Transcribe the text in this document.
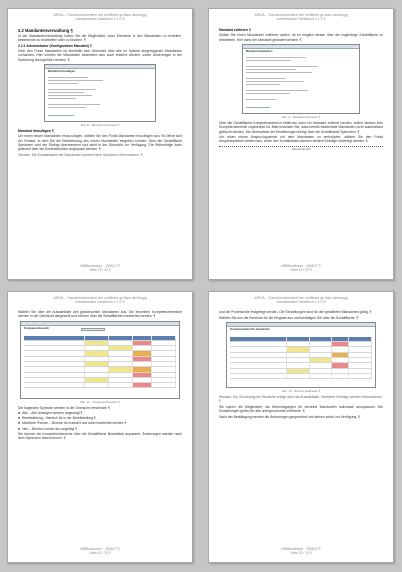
ARIVA – Transformationsfrei der unifilierte ge Bam abhängig
Administrator Handbuch v 1.0 ¶
2.2 Mandantenverwaltung ¶
In der Mandantenverwaltung haben Sie die Möglichkeit, neue Elemente in den Mandanten zu erstellen, bestehende zu bearbeiten oder zu löschen. ¶
2.2.1 Administrator (Konfiguration Mandant) ¶
Über den Punkt Mandanten ist ebenfalls eine Übersicht über alle im System eingetragenen Mandanten vorhanden. Hier können die Mandanten bearbeitet oder auch entfernt werden, sowie Änderungen in der Sortierung durchgeführt werden. ¶
Mandant hinzufügen
Abb. 8 – Mandant hinzufügen ¶
Mandant hinzufügen ¶
Um einen neuen Mandanten hinzuzufügen, wählen Sie den Punkt Mandanten hinzufügen aus. Es öffnet sich ein Fenster, in dem Sie die Bezeichnung des neuen Mandanten eingeben können. Über die Schaltfläche Speichern wird der Eintrag übernommen und steht in der Übersicht zur Verfügung. Die Reihenfolge kann jederzeit über die Kontextfunktion angepasst werden. ¶
Hinweis: Die Kontaktdaten der Mandanten werden beim Speichern übernommen. ¶
MIBBudabnum · 1506/17 ¶
Seite 13 / 23 ¶
ARIVA – Transformationsfrei der unifilierte ge Bam abhängig
Administrator Handbuch v 1.0 ¶
Mandant editieren ¶
Sollten Sie einen Mandanten editieren wollen, ist es möglich diesen über die zugehörige Schaltfläche zu bearbeiten. Hier kann der Mandant geändert werden. ¶
Mandant bearbeiten
Abb. 9 – Mandant bearbeiten ¶
Über die Schaltfläche Kompetenzbereich entfernen kann ein Mandant entfernt werden, sofern diesem kein Kompetenzbereich zugeordnet ist. Bitte beachten Sie, dass bereits bearbeitete Mandanten nicht automatisch gelöscht werden. Die Übernahme der Einstellungen erfolgt über die Schaltfläche Speichern. ¶
Um einen neuen Anspruchspartner mit dem Mandanten zu verknüpfen, wählen Sie den Punkt Ansprechpartner ändern aus. Unter den Kontaktdaten können weitere Einträge hinterlegt werden. ¶
Seitenumbruch
MIBBudabnum · 1506/17 ¶
Seite 14 / 23 ¶
ARIVA – Transformationsfrei der unifilierte ge Bam abhängig
Administrator Handbuch v 1.0 ¶
Wählen Sie über die Auswahlliste den gewünschten Mandanten aus. Die einzelnen Kompetenzbereiche werden in der Übersicht dargestellt und können über die Schaltflächen bearbeitet werden. ¶
Kompetenzbereich
Abb. 14 – Kompetenzbereiche ¶
Die folgenden Symbole werden in der Übersicht verwendet: ¶
■ Alle – Alle Anzeigen werden angezeigt ¶
■ Bereitstellung – Bereich ist in der Bereitstellung ¶
■ Markierte Rechte – Bereich ist markiert und kann bearbeitet werden ¶
■ Neu – Bereich wurde neu angelegt ¶
Sie können die Kompetenzbereiche über die Schaltfläche Bearbeiten anpassen. Änderungen werden nach dem Speichern übernommen. ¶
MIBBudabnum · 1506/17 ¶
Seite 21 / 23 ¶
ARIVA – Transformationsfrei der unifilierte ge Bam abhängig
Administrator Handbuch v 1.0 ¶
und die Prozessrolle festgelegt werden. Die Einstellungen sind für den gewählten Mandanten gültig. ¶
Wählen Sie nun die Bereiche für die Eingabe aus und bestätigen Sie über die Schaltfläche. ¶
Kompetenzbereich bearbeiten
Abb. 15 – Bereich bearbeiten ¶
Hinweis: Die Zuordnung der Bereiche erfolgt über die Auswahlliste. Markierte Einträge werden übernommen. ¶
Sie haben die Möglichkeit, die Berechtigungen für einzelne Mandanten individuell anzupassen. Die Einstellungen gelten für alle untergeordneten Bereiche. ¶
Nach der Bestätigung werden die Änderungen gespeichert und stehen sofort zur Verfügung. ¶
MIBBudabnum · 1506/17 ¶
Seite 22 / 23 ¶
